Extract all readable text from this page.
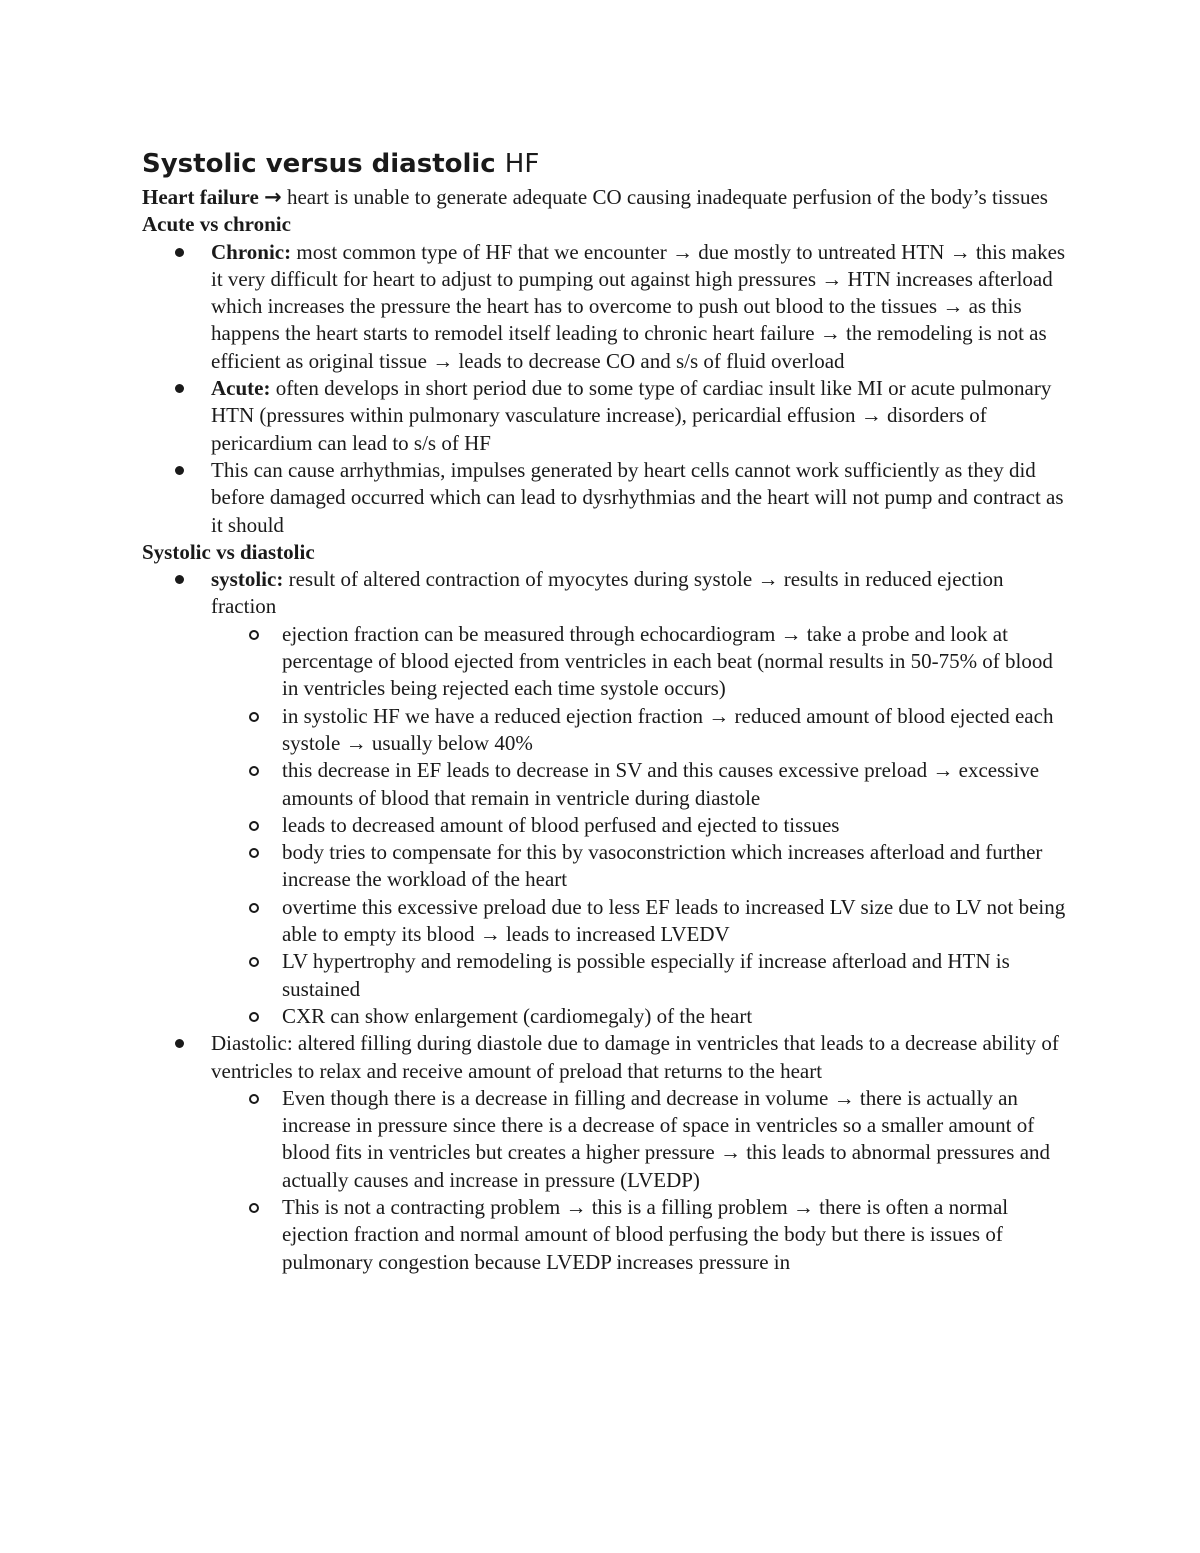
Systolic versus diastolic HF

Heart failure → heart is unable to generate adequate CO causing inadequate perfusion of the body’s tissues

Acute vs chronic

Chronic: most common type of HF that we encounter → due mostly to untreated HTN → this makes it very difficult for heart to adjust to pumping out against high pressures → HTN increases afterload which increases the pressure the heart has to overcome to push out blood to the tissues → as this happens the heart starts to remodel itself leading to chronic heart failure → the remodeling is not as efficient as original tissue → leads to decrease CO and s/s of fluid overload
Acute: often develops in short period due to some type of cardiac insult like MI or acute pulmonary HTN (pressures within pulmonary vasculature increase), pericardial effusion → disorders of pericardium can lead to s/s of HF
This can cause arrhythmias, impulses generated by heart cells cannot work sufficiently as they did before damaged occurred which can lead to dysrhythmias and the heart will not pump and contract as it should

Systolic vs diastolic

systolic: result of altered contraction of myocytes during systole → results in reduced ejection fraction
ejection fraction can be measured through echocardiogram → take a probe and look at percentage of blood ejected from ventricles in each beat (normal results in 50-75% of blood in ventricles being rejected each time systole occurs)
in systolic HF we have a reduced ejection fraction → reduced amount of blood ejected each systole → usually below 40%
this decrease in EF leads to decrease in SV and this causes excessive preload → excessive amounts of blood that remain in ventricle during diastole
leads to decreased amount of blood perfused and ejected to tissues
body tries to compensate for this by vasoconstriction which increases afterload and further increase the workload of the heart
overtime this excessive preload due to less EF leads to increased LV size due to LV not being able to empty its blood → leads to increased LVEDV
LV hypertrophy and remodeling is possible especially if increase afterload and HTN is sustained
CXR can show enlargement (cardiomegaly) of the heart
Diastolic: altered filling during diastole due to damage in ventricles that leads to a decrease ability of ventricles to relax and receive amount of preload that returns to the heart
Even though there is a decrease in filling and decrease in volume → there is actually an increase in pressure since there is a decrease of space in ventricles so a smaller amount of blood fits in ventricles but creates a higher pressure → this leads to abnormal pressures and actually causes and increase in pressure (LVEDP)
This is not a contracting problem → this is a filling problem → there is often a normal ejection fraction and normal amount of blood perfusing the body but there is issues of pulmonary congestion because LVEDP increases pressure in
